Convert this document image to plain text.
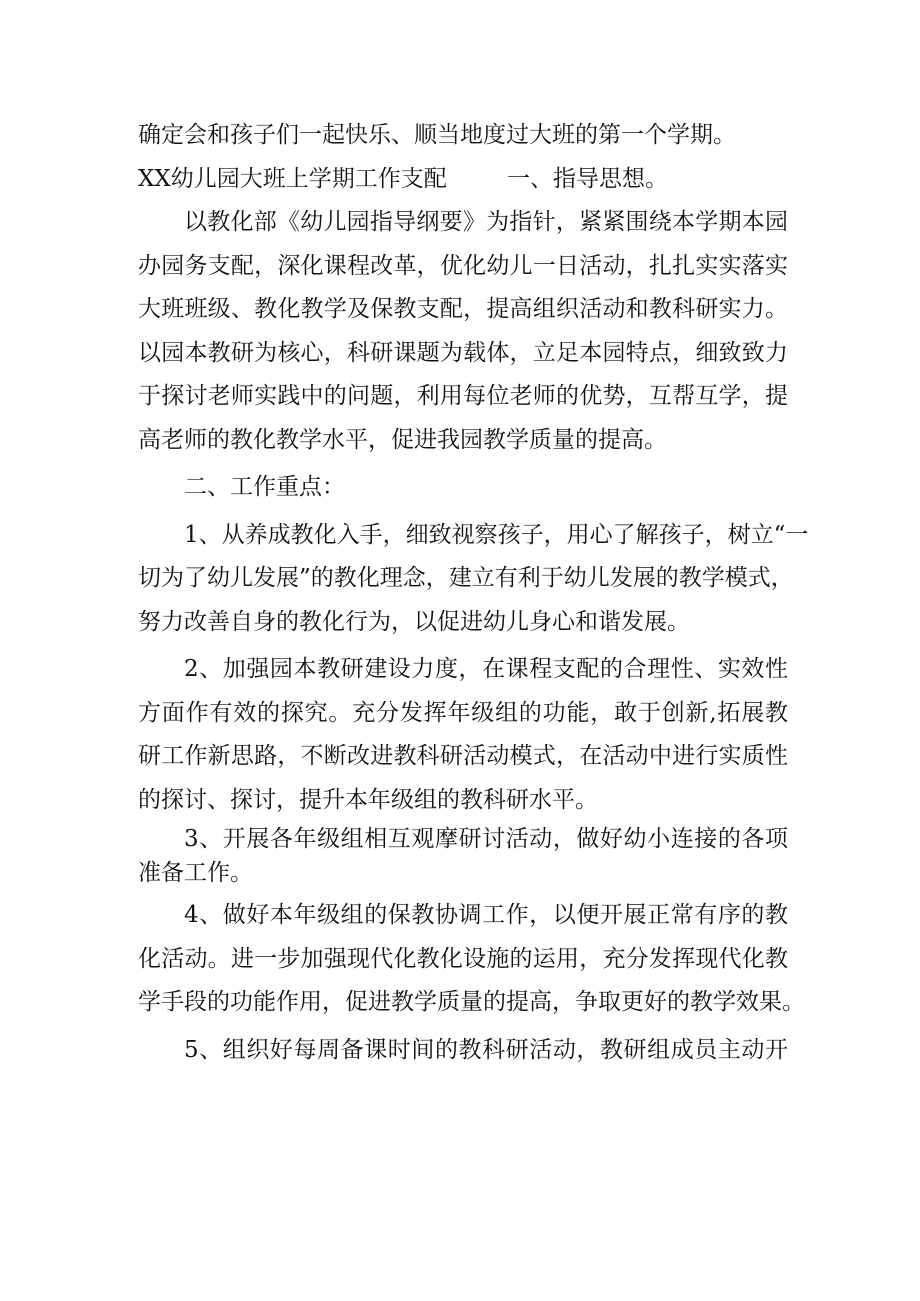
确定会和孩子们一起快乐、顺当地度过大班的第一个学期。
XX幼儿园大班上学期工作支配	一、指导思想。
以教化部《幼儿园指导纲要》为指针，紧紧围绕本学期本园
办园务支配，深化课程改革，优化幼儿一日活动，扎扎实实落实
大班班级、教化教学及保教支配，提高组织活动和教科研实力。
以园本教研为核心，科研课题为载体，立足本园特点，细致致力
于探讨老师实践中的问题，利用每位老师的优势，互帮互学，提
高老师的教化教学水平，促进我园教学质量的提高。
二、工作重点：
1、从养成教化入手，细致视察孩子，用心了解孩子，树立“一
切为了幼儿发展”的教化理念，建立有利于幼儿发展的教学模式，
努力改善自身的教化行为，以促进幼儿身心和谐发展。
2、加强园本教研建设力度，在课程支配的合理性、实效性
方面作有效的探究。充分发挥年级组的功能，敢于创新,拓展教
研工作新思路，不断改进教科研活动模式，在活动中进行实质性
的探讨、探讨，提升本年级组的教科研水平。
3、开展各年级组相互观摩研讨活动，做好幼小连接的各项
准备工作。
4、做好本年级组的保教协调工作，以便开展正常有序的教
化活动。进一步加强现代化教化设施的运用，充分发挥现代化教
学手段的功能作用，促进教学质量的提高，争取更好的教学效果。
5、组织好每周备课时间的教科研活动，教研组成员主动开
